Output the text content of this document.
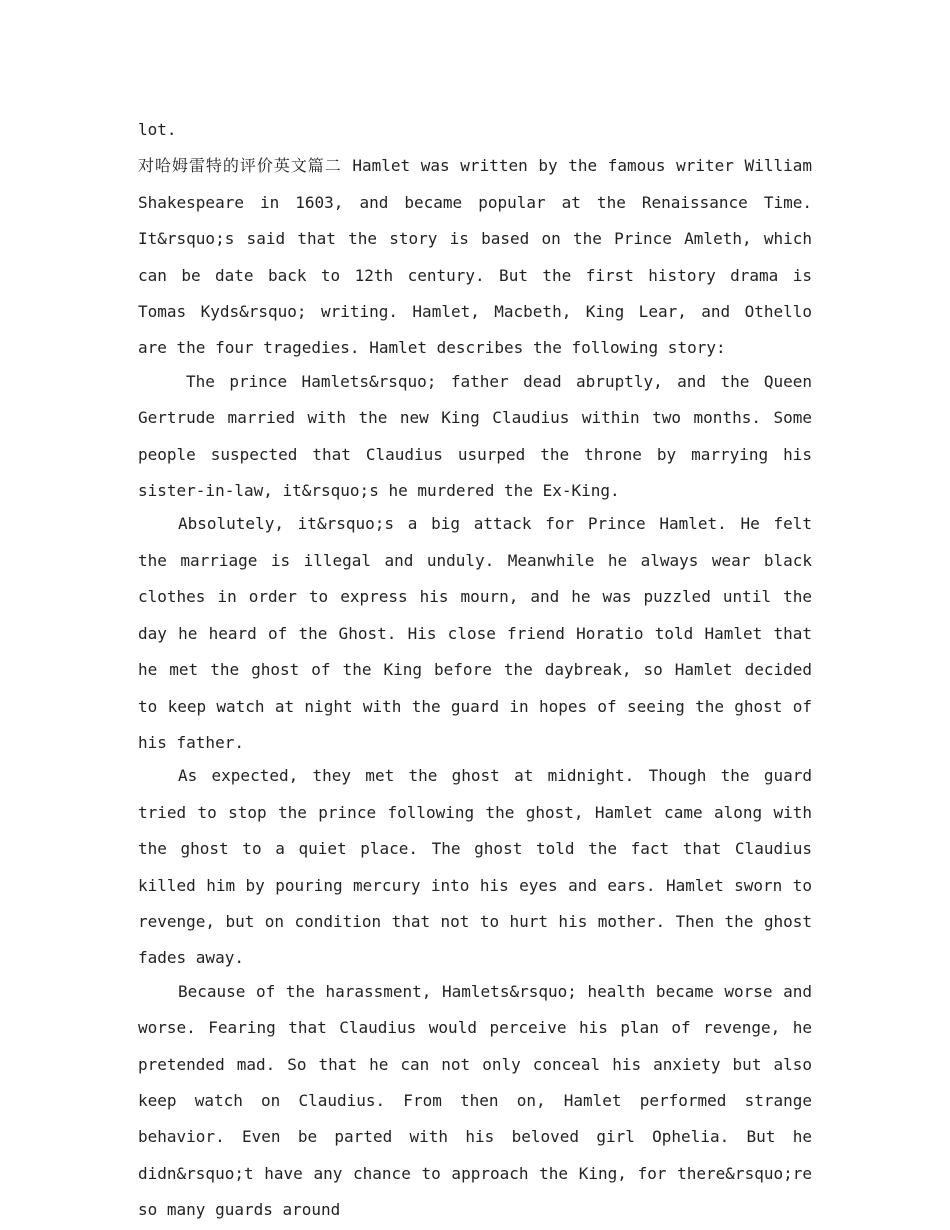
lot.

对哈姆雷特的评价英文篇二 Hamlet was written by the famous writer William Shakespeare in 1603, and became popular at the Renaissance Time. It&rsquo;s said that the story is based on the Prince Amleth, which can be date back to 12th century. But the first history drama is Tomas Kyds&rsquo; writing. Hamlet, Macbeth, King Lear, and Othello are the four tragedies. Hamlet describes the following story:

The prince Hamlets&rsquo; father dead abruptly, and the Queen Gertrude married with the new King Claudius within two months. Some people suspected that Claudius usurped the throne by marrying his sister-in-law, it&rsquo;s he murdered the Ex-King.

Absolutely, it&rsquo;s a big attack for Prince Hamlet. He felt the marriage is illegal and unduly. Meanwhile he always wear black clothes in order to express his mourn, and he was puzzled until the day he heard of the Ghost. His close friend Horatio told Hamlet that he met the ghost of the King before the daybreak, so Hamlet decided to keep watch at night with the guard in hopes of seeing the ghost of his father.

As expected, they met the ghost at midnight. Though the guard tried to stop the prince following the ghost, Hamlet came along with the ghost to a quiet place. The ghost told the fact that Claudius killed him by pouring mercury into his eyes and ears. Hamlet sworn to revenge, but on condition that not to hurt his mother. Then the ghost fades away.

Because of the harassment, Hamlets&rsquo; health became worse and worse. Fearing that Claudius would perceive his plan of revenge, he pretended mad. So that he can not only conceal his anxiety but also keep watch on Claudius. From then on, Hamlet performed strange behavior. Even be parted with his beloved girl Ophelia. But he didn&rsquo;t have any chance to approach the King, for there&rsquo;re so many guards around
